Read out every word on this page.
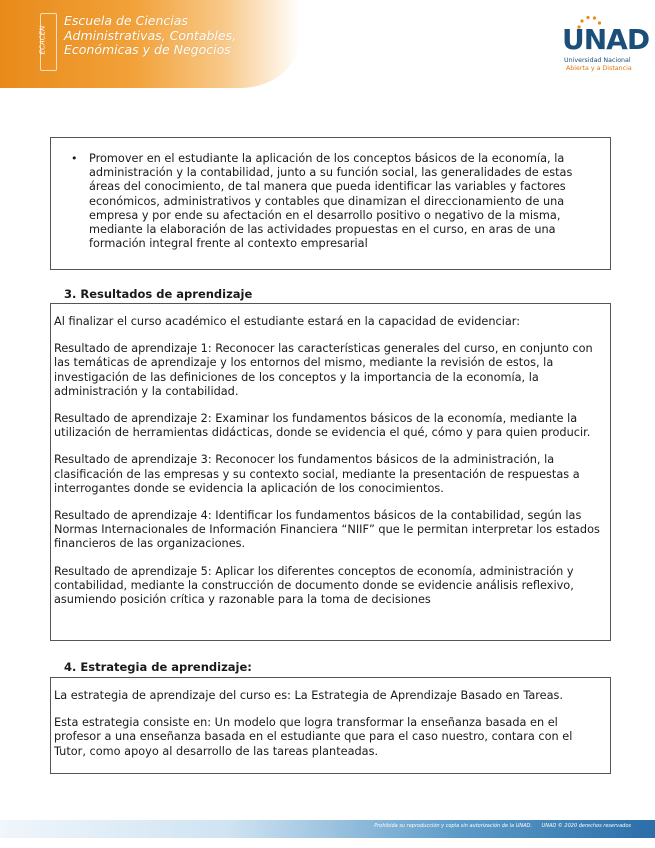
ECACEN
Escuela de Ciencias
Administrativas, Contables,
Económicas y de Negocios	UNAD
Universidad Nacional
Abierta y a Distancia
•	Promover en el estudiante la aplicación de los conceptos básicos de la economía, la administración y la contabilidad, junto a su función social, las generalidades de estas áreas del conocimiento, de tal manera que pueda identificar las variables y factores económicos, administrativos y contables que dinamizan el direccionamiento de una empresa y por ende su afectación en el desarrollo positivo o negativo de la misma, mediante la elaboración de las actividades propuestas en el curso, en aras de una formación integral frente al contexto empresarial
3. Resultados de aprendizaje

Al finalizar el curso académico el estudiante estará en la capacidad de evidenciar:

Resultado de aprendizaje 1: Reconocer las características generales del curso, en conjunto con las temáticas de aprendizaje y los entornos del mismo, mediante la revisión de estos, la investigación de las definiciones de los conceptos y la importancia de la economía, la administración y la contabilidad.

Resultado de aprendizaje 2: Examinar los fundamentos básicos de la economía, mediante la utilización de herramientas didácticas, donde se evidencia el qué, cómo y para quien producir.

Resultado de aprendizaje 3: Reconocer los fundamentos básicos de la administración, la clasificación de las empresas y su contexto social, mediante la presentación de respuestas a interrogantes donde se evidencia la aplicación de los conocimientos.

Resultado de aprendizaje 4: Identificar los fundamentos básicos de la contabilidad, según las Normas Internacionales de Información Financiera “NIIF” que le permitan interpretar los estados financieros de las organizaciones.

Resultado de aprendizaje 5: Aplicar los diferentes conceptos de economía, administración y contabilidad, mediante la construcción de documento donde se evidencie análisis reflexivo, asumiendo posición crítica y razonable para la toma de decisiones

4. Estrategia de aprendizaje:

La estrategia de aprendizaje del curso es: La Estrategia de Aprendizaje Basado en Tareas.

Esta estrategia consiste en: Un modelo que logra transformar la enseñanza basada en el profesor a una enseñanza basada en el estudiante que para el caso nuestro, contara con el Tutor, como apoyo al desarrollo de las tareas planteadas.

Prohibida su reproducción y copia sin autorización de la UNAD. UNAD © 2020 derechos reservados
